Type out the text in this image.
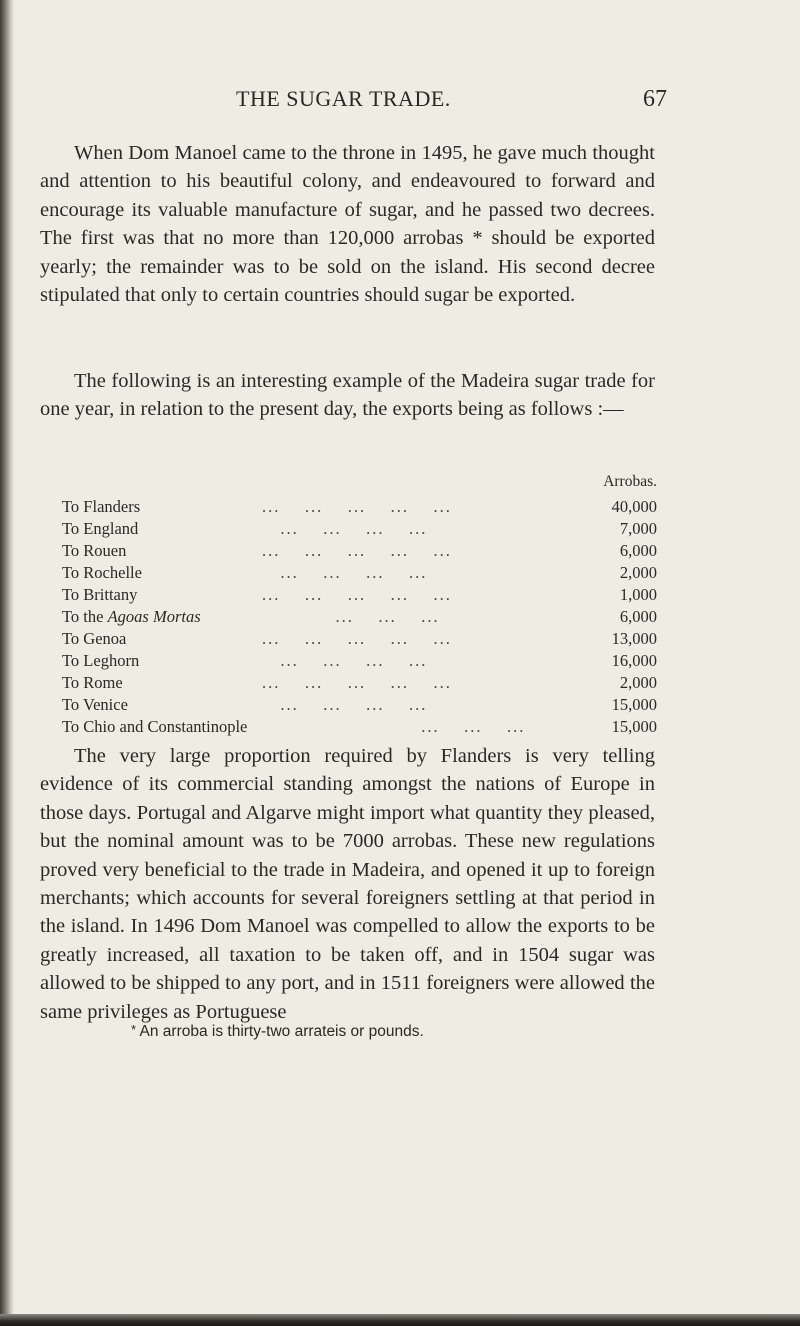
THE SUGAR TRADE.	67

When Dom Manoel came to the throne in 1495, he gave much thought and attention to his beautiful colony, and endeavoured to forward and encourage its valuable manufacture of sugar, and he passed two decrees. The first was that no more than 120,000 arrobas * should be exported yearly; the remainder was to be sold on the island. His second decree stipulated that only to certain countries should sugar be exported.

The following is an interesting example of the Madeira sugar trade for one year, in relation to the present day, the exports being as follows :—

Arrobas.
To Flanders	...    ...    ...    ...    ...	40,000
To England	...    ...    ...    ...	7,000
To Rouen	...    ...    ...    ...    ...	6,000
To Rochelle	...    ...    ...    ...	2,000
To Brittany	...    ...    ...    ...    ...	1,000
To the Agoas Mortas	...    ...    ...	6,000
To Genoa	...    ...    ...    ...    ...	13,000
To Leghorn	...    ...    ...    ...	16,000
To Rome	...    ...    ...    ...    ...	2,000
To Venice	...    ...    ...    ...	15,000
To Chio and Constantinople ...    ...    ...	15,000

The very large proportion required by Flanders is very telling evidence of its commercial standing amongst the nations of Europe in those days. Portugal and Algarve might import what quantity they pleased, but the nominal amount was to be 7000 arrobas. These new regulations proved very beneficial to the trade in Madeira, and opened it up to foreign merchants; which accounts for several foreigners settling at that period in the island. In 1496 Dom Manoel was compelled to allow the exports to be greatly increased, all taxation to be taken off, and in 1504 sugar was allowed to be shipped to any port, and in 1511 foreigners were allowed the same privileges as Portuguese

* An arroba is thirty-two arrateis or pounds.
